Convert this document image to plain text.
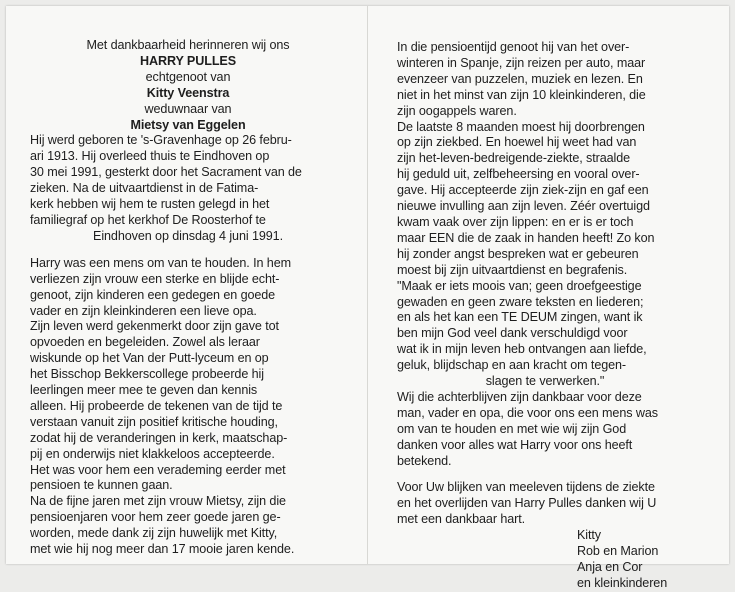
Met dankbaarheid herinneren wij ons
HARRY PULLES
echtgenoot van
Kitty Veenstra
weduwnaar van
Mietsy van Eggelen
Hij werd geboren te 's-Gravenhage op 26 febru-
ari 1913. Hij overleed thuis te Eindhoven op
30 mei 1991, gesterkt door het Sacrament van de
zieken. Na de uitvaartdienst in de Fatima-
kerk hebben wij hem te rusten gelegd in het
familiegraf op het kerkhof De Roosterhof te
Eindhoven op dinsdag 4 juni 1991.
Harry was een mens om van te houden. In hem
verliezen zijn vrouw een sterke en blijde echt-
genoot, zijn kinderen een gedegen en goede
vader en zijn kleinkinderen een lieve opa.
Zijn leven werd gekenmerkt door zijn gave tot
opvoeden en begeleiden. Zowel als leraar
wiskunde op het Van der Putt-lyceum en op
het Bisschop Bekkerscollege probeerde hij
leerlingen meer mee te geven dan kennis
alleen. Hij probeerde de tekenen van de tijd te
verstaan vanuit zijn positief kritische houding,
zodat hij de veranderingen in kerk, maatschap-
pij en onderwijs niet klakkeloos accepteerde.
Het was voor hem een verademing eerder met
pensioen te kunnen gaan.
Na de fijne jaren met zijn vrouw Mietsy, zijn die
pensioenjaren voor hem zeer goede jaren ge-
worden, mede dank zij zijn huwelijk met Kitty,
met wie hij nog meer dan 17 mooie jaren kende.
In die pensioentijd genoot hij van het over-
winteren in Spanje, zijn reizen per auto, maar
evenzeer van puzzelen, muziek en lezen. En
niet in het minst van zijn 10 kleinkinderen, die
zijn oogappels waren.
De laatste 8 maanden moest hij doorbrengen
op zijn ziekbed. En hoewel hij weet had van
zijn het-leven-bedreigende-ziekte, straalde
hij geduld uit, zelfbeheersing en vooral over-
gave. Hij accepteerde zijn ziek-zijn en gaf een
nieuwe invulling aan zijn leven. Zéér overtuigd
kwam vaak over zijn lippen: en er is er toch
maar EEN die de zaak in handen heeft! Zo kon
hij zonder angst bespreken wat er gebeuren
moest bij zijn uitvaartdienst en begrafenis.
"Maak er iets moois van; geen droefgeestige
gewaden en geen zware teksten en liederen;
en als het kan een TE DEUM zingen, want ik
ben mijn God veel dank verschuldigd voor
wat ik in mijn leven heb ontvangen aan liefde,
geluk, blijdschap en aan kracht om tegen-
slagen te verwerken."
Wij die achterblijven zijn dankbaar voor deze
man, vader en opa, die voor ons een mens was
om van te houden en met wie wij zijn God
danken voor alles wat Harry voor ons heeft
betekend.
Voor Uw blijken van meeleven tijdens de ziekte
en het overlijden van Harry Pulles danken wij U
met een dankbaar hart.
Kitty
Rob en Marion
Anja en Cor
en kleinkinderen
